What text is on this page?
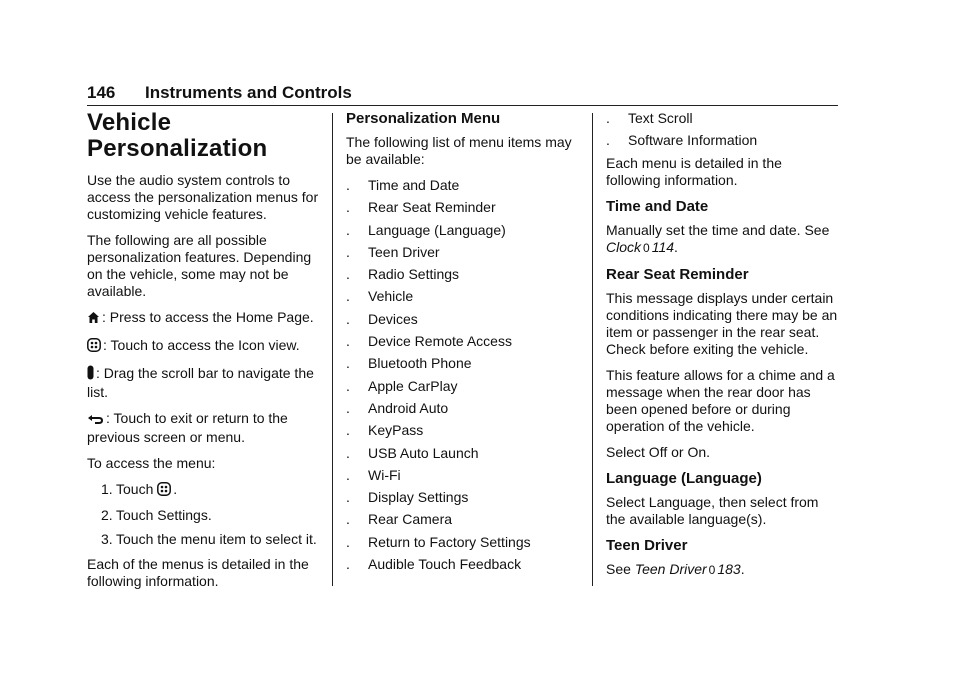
146 Instruments and Controls
Vehicle Personalization

Use the audio system controls to access the personalization menus for customizing vehicle features.

The following are all possible personalization features. Depending on the vehicle, some may not be available.

: Press to access the Home Page.

: Touch to access the Icon view.

: Drag the scroll bar to navigate the list.

: Touch to exit or return to the previous screen or menu.

To access the menu:

1. Touch .
2. Touch Settings.
3. Touch the menu item to select it.

Each of the menus is detailed in the following information.

Personalization Menu

The following list of menu items may be available:

. Time and Date
. Rear Seat Reminder
. Language (Language)
. Teen Driver
. Radio Settings
. Vehicle
. Devices
. Device Remote Access
. Bluetooth Phone
. Apple CarPlay
. Android Auto
. KeyPass
. USB Auto Launch
. Wi-Fi
. Display Settings
. Rear Camera
. Return to Factory Settings
. Audible Touch Feedback
. Text Scroll
. Software Information

Each menu is detailed in the following information.

Time and Date

Manually set the time and date. See Clock 0 114.

Rear Seat Reminder

This message displays under certain conditions indicating there may be an item or passenger in the rear seat. Check before exiting the vehicle.

This feature allows for a chime and a message when the rear door has been opened before or during operation of the vehicle.

Select Off or On.

Language (Language)

Select Language, then select from the available language(s).

Teen Driver

See Teen Driver 0 183.
